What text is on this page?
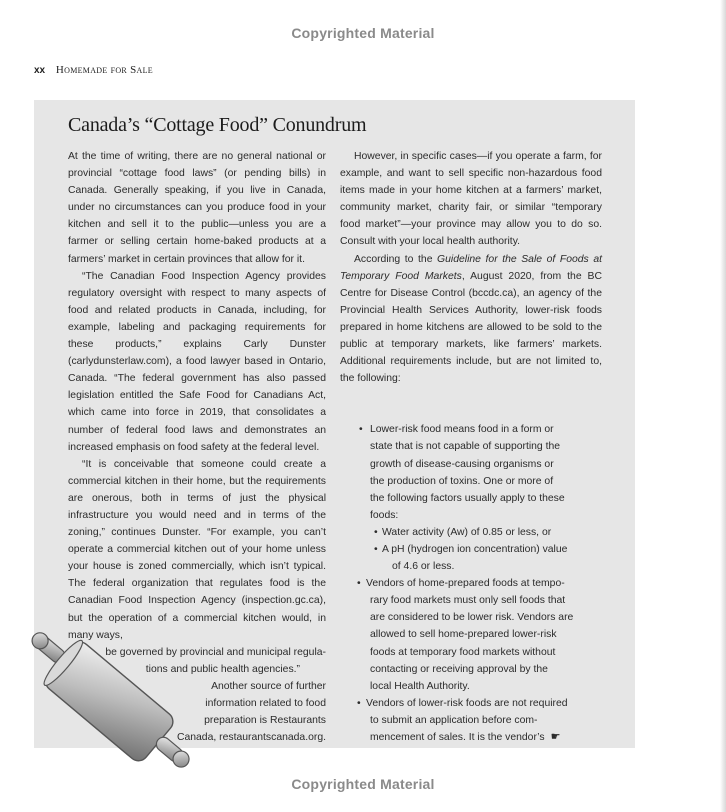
Copyrighted Material
xx Homemade for Sale
Canada’s “Cottage Food” Conundrum

At the time of writing, there are no general national or provincial “cottage food laws” (or pending bills) in Canada. Generally speaking, if you live in Canada, under no circumstances can you produce food in your kitchen and sell it to the public—unless you are a farmer or selling certain home-baked products at a farmers’ market in certain provinces that allow for it.

“The Canadian Food Inspection Agency provides regulatory oversight with respect to many aspects of food and related products in Canada, including, for example, labeling and packaging requirements for these products,” explains Carly Dunster (carlydunsterlaw.com), a food lawyer based in Ontario, Canada. “The federal government has also passed legislation entitled the Safe Food for Canadians Act, which came into force in 2019, that consolidates a number of federal food laws and demonstrates an increased emphasis on food safety at the federal level.

“It is conceivable that someone could create a commercial kitchen in their home, but the requirements are onerous, both in terms of just the physical infrastructure you would need and in terms of the zoning,” continues Dunster. “For example, you can’t operate a commercial kitchen out of your home unless your house is zoned commercially, which isn’t typical. The federal organization that regulates food is the Canadian Food Inspection Agency (inspection.gc.ca), but the operation of a commercial kitchen would, in many ways,

be governed by provincial and municipal regula-
tions and public health agencies.”
Another source of further
information related to food
preparation is Restaurants
Canada, restaurantscanada.org.

However, in specific cases—if you operate a farm, for example, and want to sell specific non-hazardous food items made in your home kitchen at a farmers’ market, community market, charity fair, or similar “temporary food market”—your province may allow you to do so. Consult with your local health authority.

According to the Guideline for the Sale of Foods at Temporary Food Markets, August 2020, from the BC Centre for Disease Control (bccdc.ca), an agency of the Provincial Health Services Authority, lower-risk foods prepared in home kitchens are allowed to be sold to the public at temporary markets, like farmers’ markets. Additional requirements include, but are not limited to, the following:

• Lower-risk food means food in a form or
state that is not capable of supporting the
growth of disease-causing organisms or
the production of toxins. One or more of
the following factors usually apply to these
foods:
• Water activity (Aw) of 0.85 or less, or
• A pH (hydrogen ion concentration) value
of 4.6 or less.
• Vendors of home-prepared foods at tempo-
rary food markets must only sell foods that
are considered to be lower risk. Vendors are
allowed to sell home-prepared lower-risk
foods at temporary food markets without
contacting or receiving approval by the
local Health Authority.
• Vendors of lower-risk foods are not required
to submit an application before com-
mencement of sales. It is the vendor’s ☛
Copyrighted Material
